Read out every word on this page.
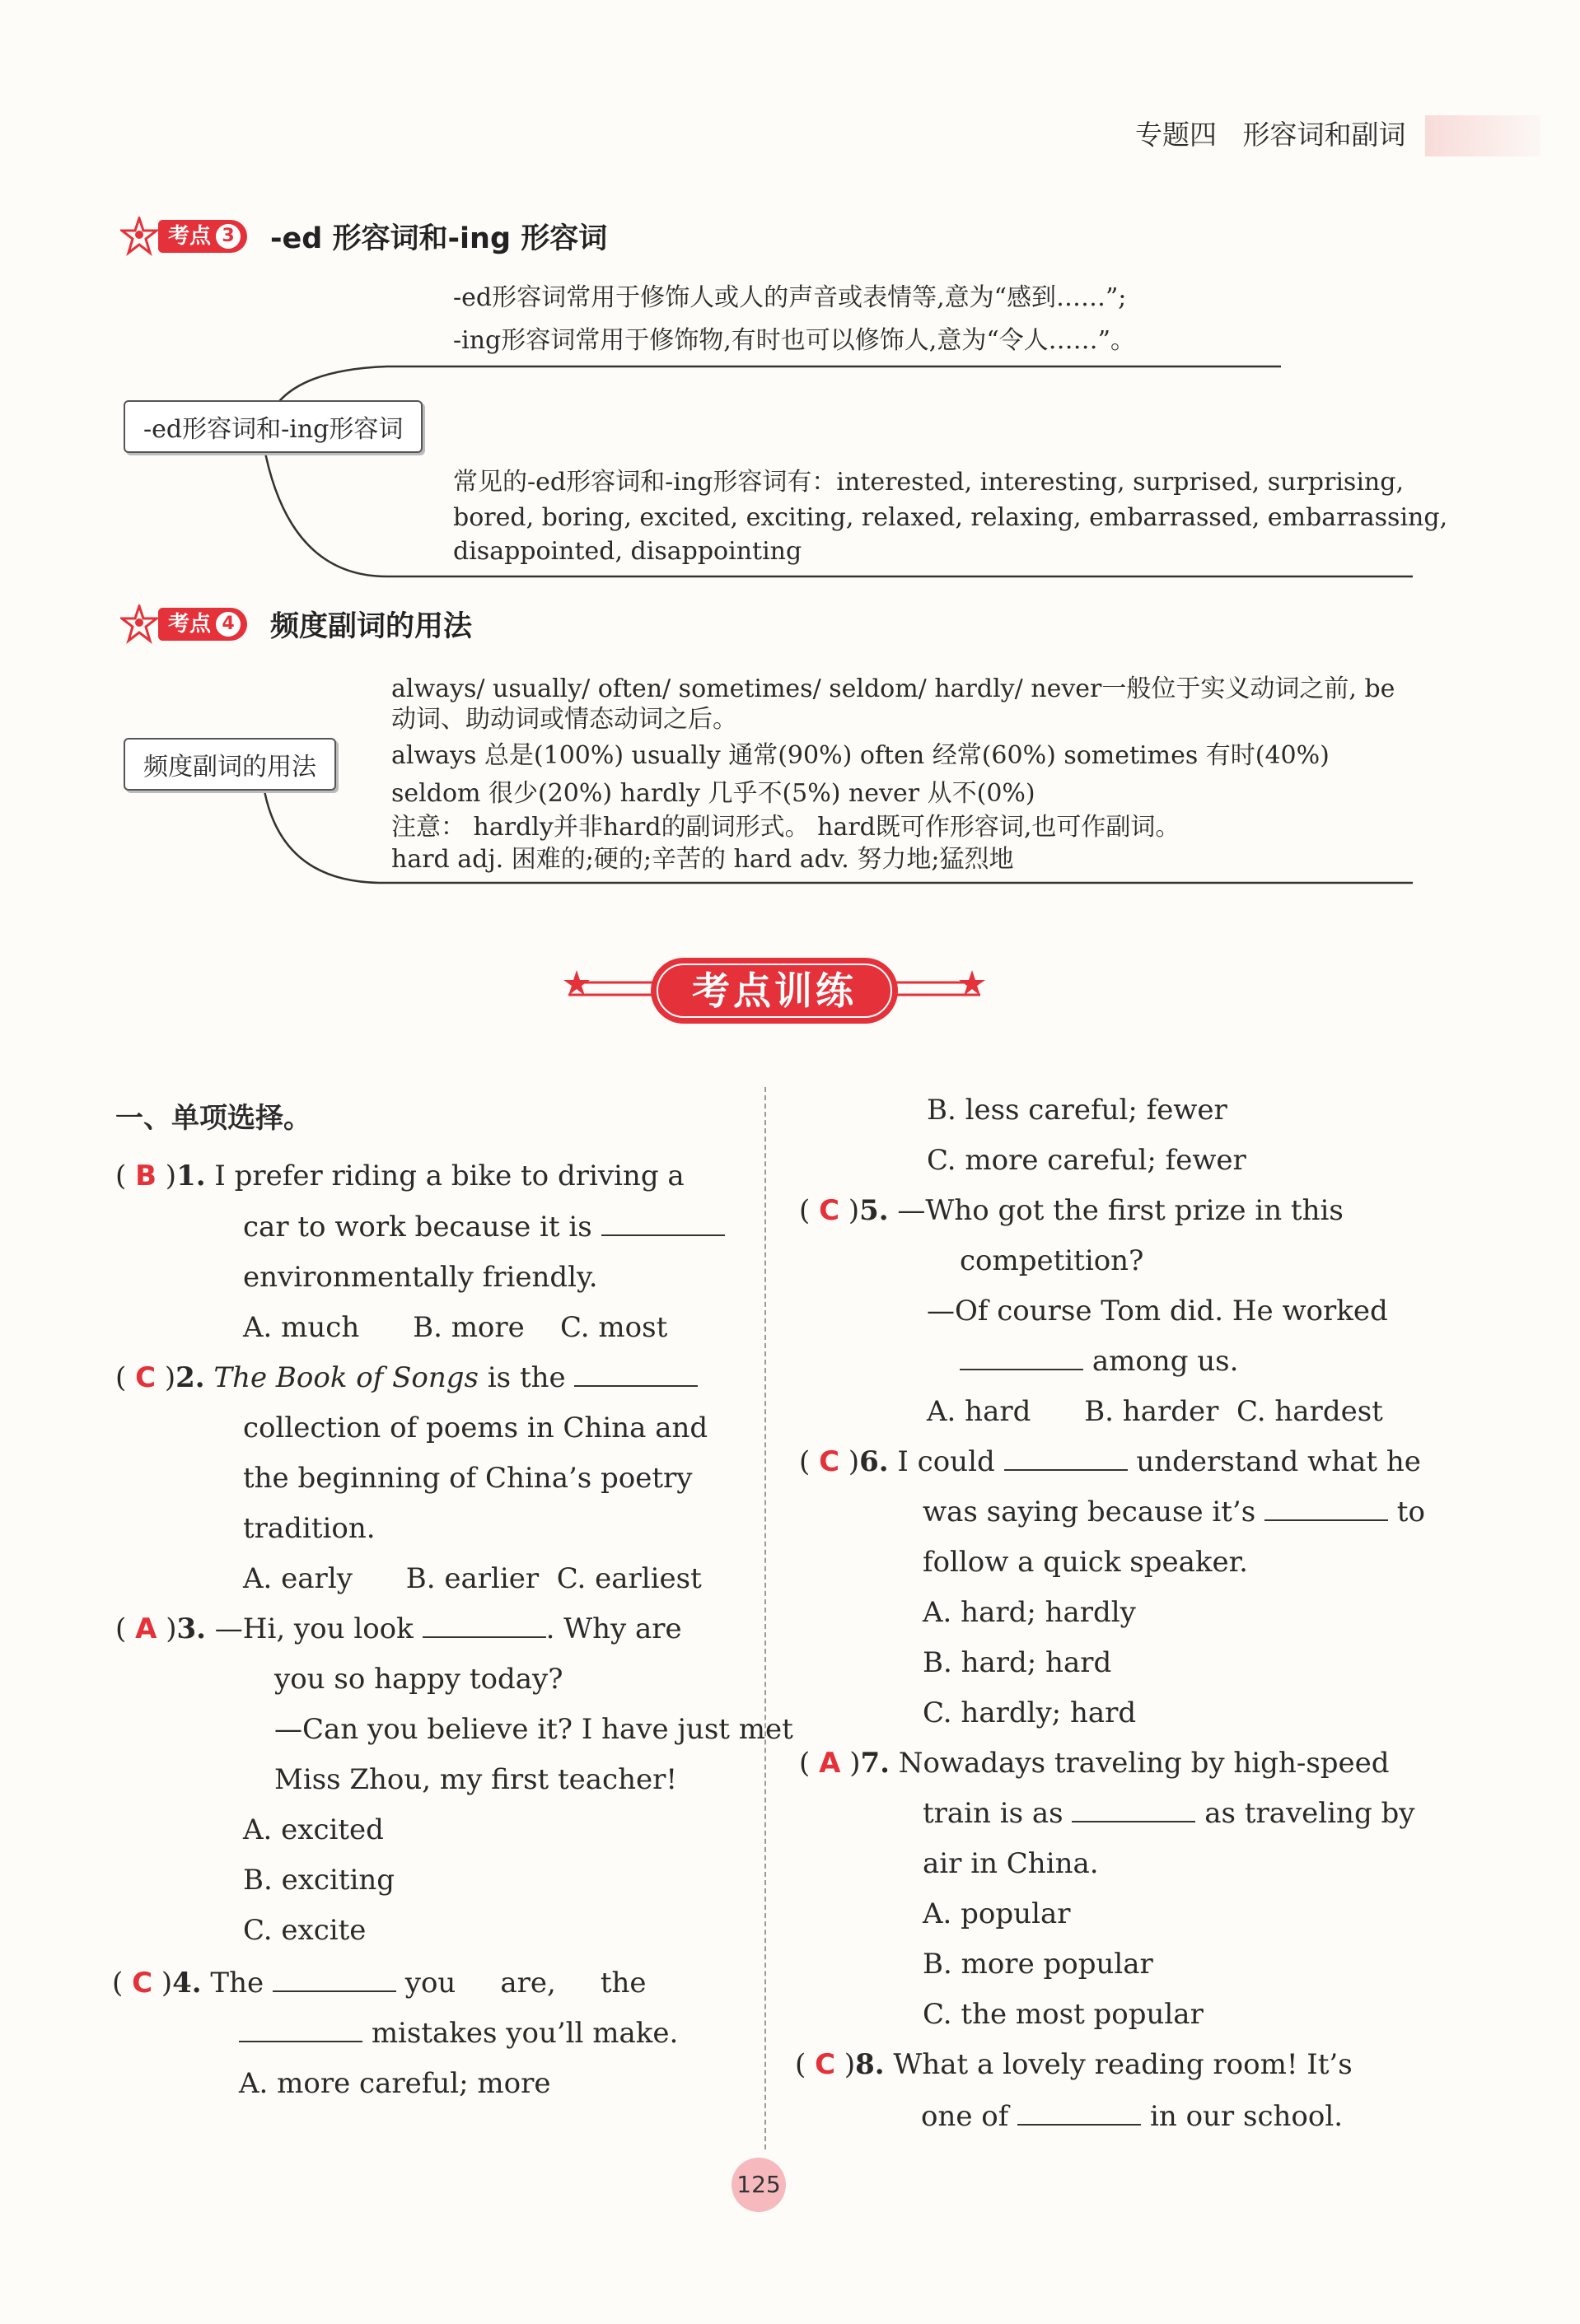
专题四 形容词和副词
考点 3 -ed 形容词和-ing 形容词
-ed形容词常用于修饰人或人的声音或表情等,意为“感到……”;
-ing形容词常用于修饰物,有时也可以修饰人,意为“令人……”。
-ed形容词和-ing形容词
常见的-ed形容词和-ing形容词有：interested, interesting, surprised, surprising,
bored, boring, excited, exciting, relaxed, relaxing, embarrassed, embarrassing,
disappointed, disappointing
考点 4 频度副词的用法
always/ usually/ often/ sometimes/ seldom/ hardly/ never一般位于实义动词之前, be
动词、助动词或情态动词之后。
频度副词的用法	always 总是(100%) usually 通常(90%) often 经常(60%) sometimes 有时(40%)
seldom 很少(20%) hardly 几乎不(5%) never 从不(0%)
注意： hardly并非hard的副词形式。 hard既可作形容词,也可作副词。
hard adj. 困难的;硬的;辛苦的 hard adv. 努力地;猛烈地
考点训练
一、单项选择。
( B )1. I prefer riding a bike to driving a
car to work because it is
environmentally friendly.
A. much      B. more    C. most
( C )2. The Book of Songs is the
collection of poems in China and
the beginning of China’s poetry
tradition.
A. early      B. earlier  C. earliest
( A )3. —Hi, you look	. Why are
you so happy today?
—Can you believe it? I have just met
Miss Zhou, my first teacher!
A. excited
B. exciting
C. excite
( C )4. The	you     are,     the
mistakes you’ll make.
A. more careful; more
B. less careful; fewer
C. more careful; fewer
( C )5. —Who got the first prize in this
competition?
—Of course Tom did. He worked
among us.
A. hard      B. harder  C. hardest
( C )6. I could	understand what he
was saying because it’s	to
follow a quick speaker.
A. hard; hardly
B. hard; hard
C. hardly; hard
( A )7. Nowadays traveling by high-speed
train is as	as traveling by
air in China.
A. popular
B. more popular
C. the most popular
( C )8. What a lovely reading room! It’s
one of	in our school.
125
